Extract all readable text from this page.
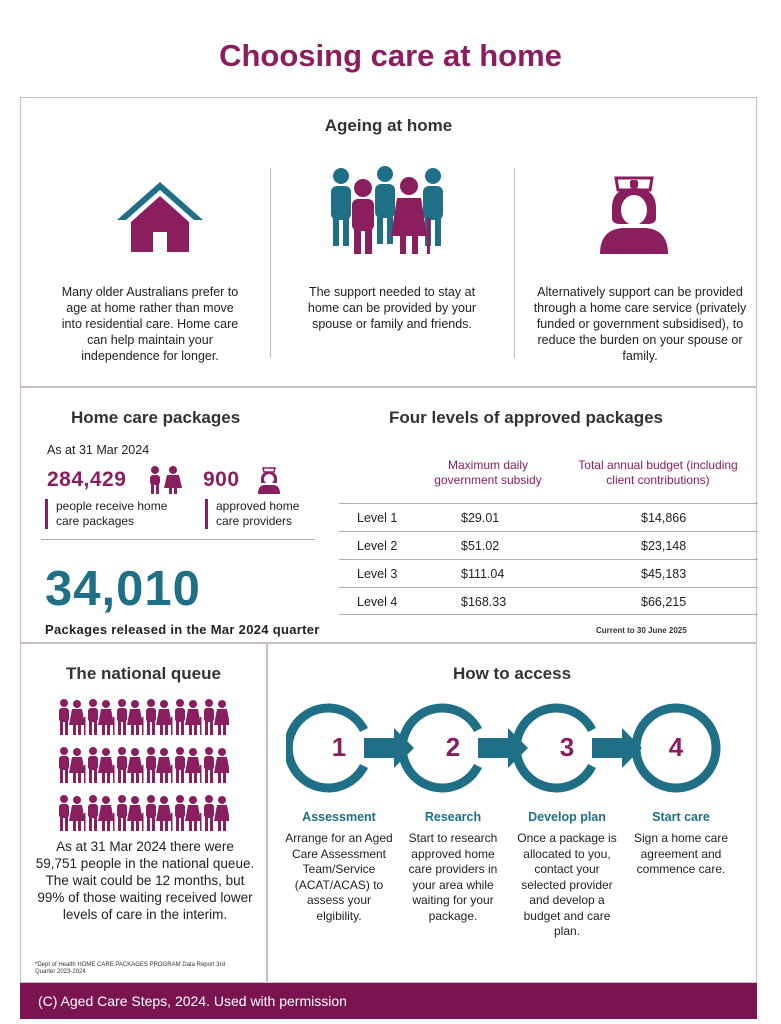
Choosing care at home
Ageing at home
Many older Australians prefer to age at home rather than move into residential care. Home care can help maintain your independence for longer.
The support needed to stay at home can be provided by your spouse or family and friends.
Alternatively support can be provided through a home care service (privately funded or government subsidised), to reduce the burden on your spouse or family.
Home care packages
As at 31 Mar 2024
284,429	900
people receive home care packages
approved home care providers
34,010
Packages released in the Mar 2024 quarter
Four levels of approved packages
Maximum daily government subsidy
Total annual budget (including client contributions)
Level 1	$29.01	$14,866
Level 2	$51.02	$23,148
Level 3	$111.04	$45,183
Level 4	$168.33	$66,215
Current to 30 June 2025
The national queue
As at 31 Mar 2024 there were 59,751 people in the national queue. The wait could be 12 months, but 99% of those waiting received lower levels of care in the interim.
*Dept of Health HOME CARE PACKAGES PROGRAM Data Report 3rd Quarter 2023-2024
How to access
1	2	3	4
Assessment	Research	Develop plan	Start care
Arrange for an Aged Care Assessment Team/Service (ACAT/ACAS) to assess your elgibility.
Start to research approved home care providers in your area while waiting for your package.
Once a package is allocated to you, contact your selected provider and develop a budget and care plan.
Sign a home care agreement and commence care.
(C) Aged Care Steps, 2024. Used with permission
